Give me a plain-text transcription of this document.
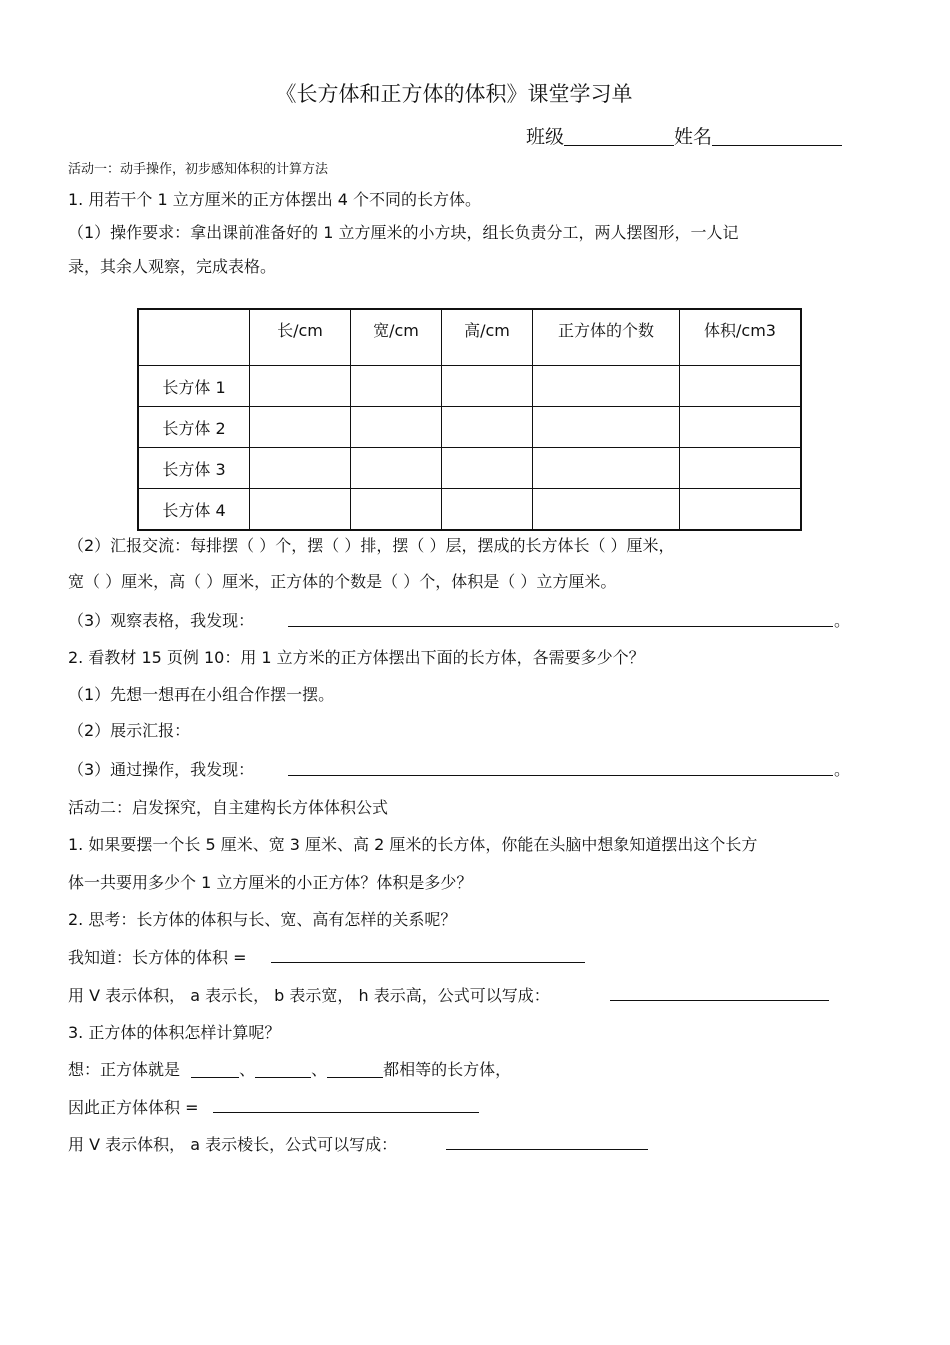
《长方体和正方体的体积》课堂学习单
班级	姓名
活动一：动手操作，初步感知体积的计算方法
1. 用若干个 1 立方厘米的正方体摆出 4 个不同的长方体。
（1）操作要求：拿出课前准备好的 1 立方厘米的小方块，组长负责分工，两人摆图形，一人记
录，其余人观察，完成表格。
	长/cm	宽/cm	高/cm	正方体的个数	体积/cm3
长方体 1					
长方体 2					
长方体 3					
长方体 4					
（2）汇报交流：每排摆（ ）个，摆（ ）排，摆（ ）层，摆成的长方体长（ ）厘米，
宽（ ）厘米，高（ ）厘米，正方体的个数是（ ）个，体积是（ ）立方厘米。
（3）观察表格，我发现：	。
2. 看教材 15 页例 10：用 1 立方米的正方体摆出下面的长方体，各需要多少个？
（1）先想一想再在小组合作摆一摆。
（2）展示汇报：
（3）通过操作，我发现：	。
活动二：启发探究，自主建构长方体体积公式
1. 如果要摆一个长 5 厘米、宽 3 厘米、高 2 厘米的长方体，你能在头脑中想象知道摆出这个长方
体一共要用多少个 1 立方厘米的小正方体？体积是多少？
2. 思考：长方体的体积与长、宽、高有怎样的关系呢？
我知道：长方体的体积 =
用 V 表示体积， a 表示长， b 表示宽， h 表示高，公式可以写成：
3. 正方体的体积怎样计算呢？
想：正方体就是	、	、	都相等的长方体，
因此正方体体积 =
用 V 表示体积， a 表示棱长，公式可以写成：
